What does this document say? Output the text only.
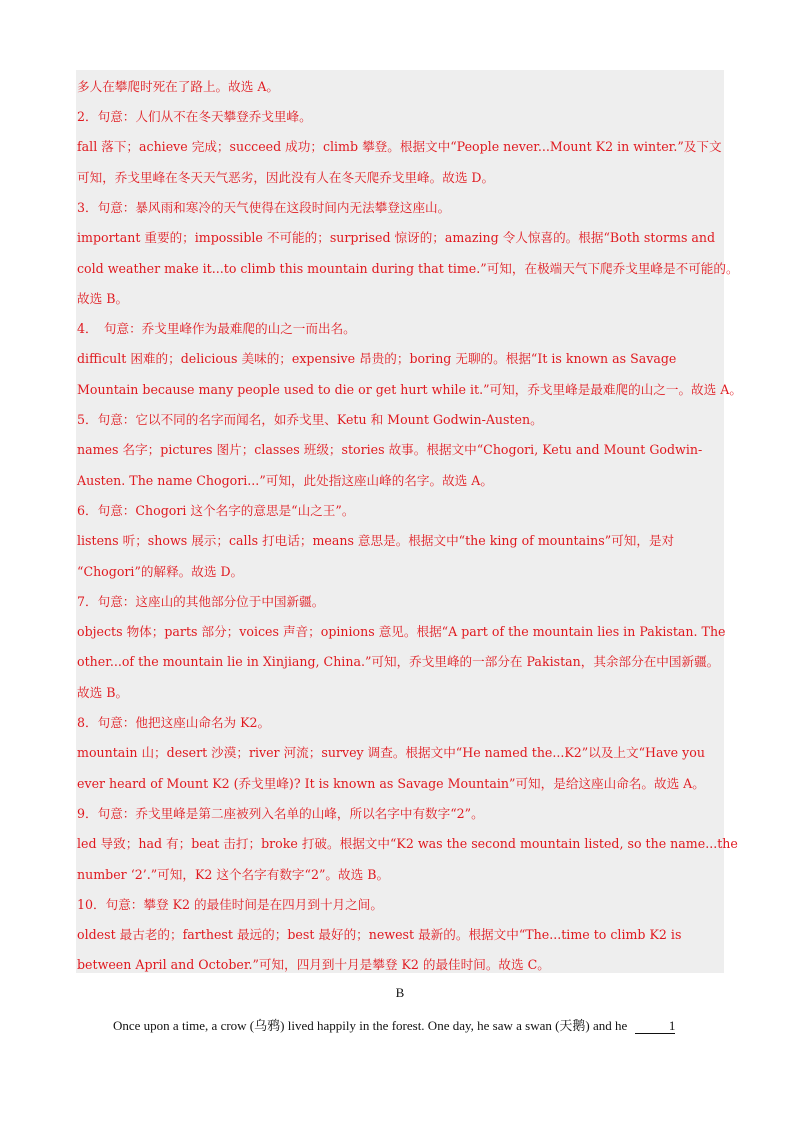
多人在攀爬时死在了路上。故选 A。
2．句意：人们从不在冬天攀登乔戈里峰。
fall 落下；achieve 完成；succeed 成功；climb 攀登。根据文中“People never...Mount K2 in winter.”及下文
可知，乔戈里峰在冬天天气恶劣，因此没有人在冬天爬乔戈里峰。故选 D。
3．句意：暴风雨和寒冷的天气使得在这段时间内无法攀登这座山。
important 重要的；impossible 不可能的；surprised 惊讶的；amazing 令人惊喜的。根据“Both storms and
cold weather make it...to climb this mountain during that time.”可知，在极端天气下爬乔戈里峰是不可能的。
故选 B。
4．　句意：乔戈里峰作为最难爬的山之一而出名。
difficult 困难的；delicious 美味的；expensive 昂贵的；boring 无聊的。根据“It is known as Savage
Mountain because many people used to die or get hurt while it.”可知，乔戈里峰是最难爬的山之一。故选 A。
5．句意：它以不同的名字而闻名，如乔戈里、Ketu 和 Mount Godwin-Austen。
names 名字；pictures 图片；classes 班级；stories 故事。根据文中“Chogori, Ketu and Mount Godwin-
Austen. The name Chogori...”可知，此处指这座山峰的名字。故选 A。
6．句意：Chogori 这个名字的意思是“山之王”。
listens 听；shows 展示；calls 打电话；means 意思是。根据文中“the king of mountains”可知，是对
“Chogori”的解释。故选 D。
7．句意：这座山的其他部分位于中国新疆。
objects 物体；parts 部分；voices 声音；opinions 意见。根据“A part of the mountain lies in Pakistan. The
other...of the mountain lie in Xinjiang, China.”可知，乔戈里峰的一部分在 Pakistan，其余部分在中国新疆。
故选 B。
8．句意：他把这座山命名为 K2。
mountain 山；desert 沙漠；river 河流；survey 调查。根据文中“He named the...K2”以及上文“Have you
ever heard of Mount K2 (乔戈里峰)? It is known as Savage Mountain”可知，是给这座山命名。故选 A。
9．句意：乔戈里峰是第二座被列入名单的山峰，所以名字中有数字“2”。
led 导致；had 有；beat 击打；broke 打破。根据文中“K2 was the second mountain listed, so the name...the
number ‘2’.”可知，K2 这个名字有数字“2”。故选 B。
10．句意：攀登 K2 的最佳时间是在四月到十月之间。
oldest 最古老的；farthest 最远的；best 最好的；newest 最新的。根据文中“The...time to climb K2 is
between April and October.”可知，四月到十月是攀登 K2 的最佳时间。故选 C。
B
Once upon a time, a crow (乌鸦) lived happily in the forest. One day, he saw a swan (天鹅) and he	1
